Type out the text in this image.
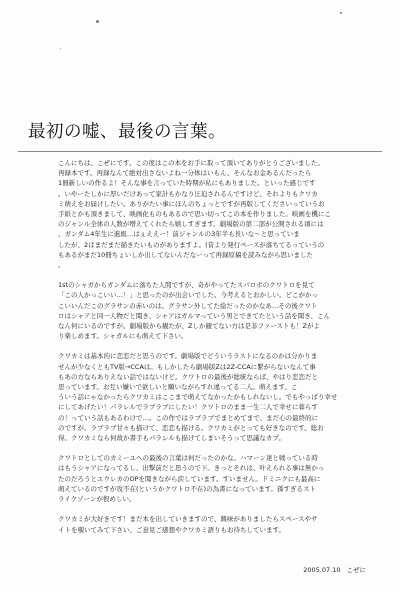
最初の嘘、最後の言葉。
こんにちは、こぜにです。この度はこの本をお手に取って頂いてありがとうございました。
再録本です。再録なんて絶対出さないよね一分体はいもん、そんなお金あるんだったら
1冊新しいの作るよ！そんな事を言っていた時期が私にもありました。といった感じです
。いやーたしかに厚いだけあって家計もかなり圧迫されるんですけど、それよりもクワカ
ミ萌えをお届けしたい。ありがたい事にほんのちょっとですが再版してくださいっていうお
手紙とかも頂きまして、映画化ものもあるので思い切ってこの本を作りました。映画を機にこ
のジャンル全体の人数が増えてくれたら嬉しすぎます。劇場版の第二部が公開される頃には
、ガンダム4年生に進級…はぇええー！前ジャンルの3年半も長いな～と思っていま
したが、2はまだまだ描きたいものがありますよ。(昔より発行ペースが落ちてるっていうの
もあるがまだ10冊ちょいしか出してないんだなーって再録原稿を読みながら思いました
。
1stのシャガからガンダムに落ちた人間ですが、奇がやってたスパロボのクワトロを見て
「この人かっこいい…！」と思ったのが出会いでした。今考えるとおかしい。どこがかっ
こいいんだこのグラサンの赤いのは。グラサン外してた絵だったのかなあ…その後クワト
ロはシャアと同一人物だと聞き、シャアはガルマっていう男とできてたという話を聞き、こん
なん何にいるのですが。劇場版から観たが、Zしか観てない方は是非ファーストも！Zがよ
り楽しめます。シャガルにも萌えて下さい。
クワカミは基本的に恋恋だと思うのです。劇場版でどういうラストになるのかは分かりま
せんが少なくともTV版→CCAは。もしかしたら劇場版Zは2Z-CCAに繋がらないなんて事
もあの方ならありえない話ではないけど。クワトロの最後が総統ならば、やはり恋恋だと
思っています。お互い嫌いで欲しいと願いながらすれ違ってる二人。萌えます。こ
ういう話にゃなかったらクワカミはここまで萌えてなかったかもしれないし。でもやっぱり幸せ
にしてあげたい！パラレルでラブラブにしたい！クワトロのまま一生二人で幸せに暮らす
の！っていう話もあるわけで…。この作ではラブラブでまとめてまで、まだ心の最終的に
のですが。ラブラブ甘々も描けて、恋恋も描ける。クワカミがとっても好きなのです。総お
得。クワカミなら何故か書手もパラレルも描けてしまいそうって思議なカプ。
クワトロとしてのカミーユへの最後の言葉は何だったのかな。ハマーン達と戦っている時
はもうシャアになってるし、出撃前だと思うので下。きっとそれは、叶えられる事は無かっ
たのだろうとエウレカのOPを聞きながら涙しています。すいません。ドミニクにも最高に
萌えているのですが攻不在(というかクワトロ不在)の為書になっています。孫すぎるスト
ライクゾーンが恨めしい。
クワカミが大好きです！まだ本を出していきますので、興味がありましたらスペースやサ
イトを覗いてみて下さい。ご意見ご感想やクワカミ語りもお待ちしています。
2005.07.10 こぜに
